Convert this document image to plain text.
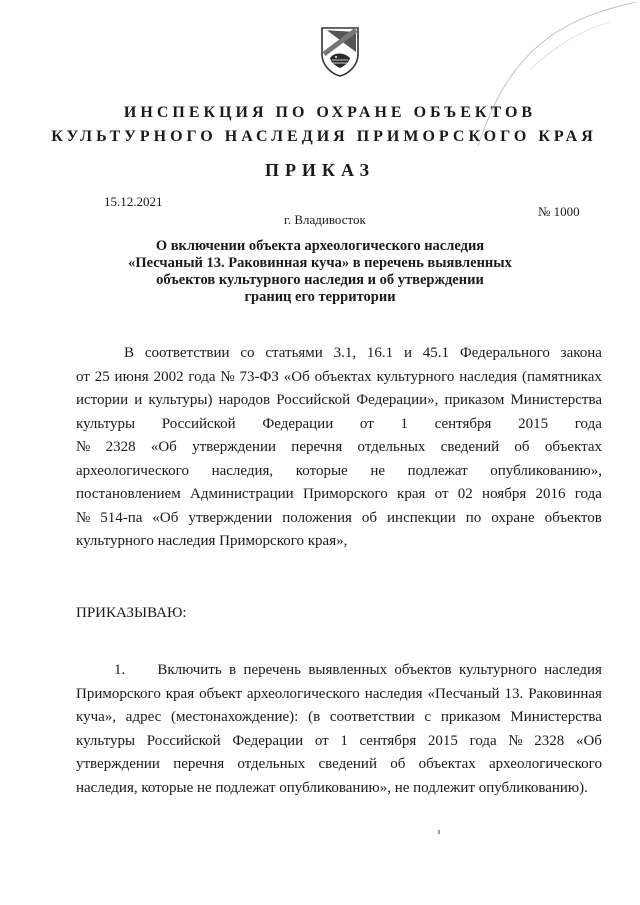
ИНСПЕКЦИЯ ПО ОХРАНЕ ОБЪЕКТОВ
КУЛЬТУРНОГО НАСЛЕДИЯ ПРИМОРСКОГО КРАЯ
ПРИКАЗ
15.12.2021
№ 1000
г. Владивосток
О включении объекта археологического наследия
«Песчаный 13. Раковинная куча» в перечень выявленных
объектов культурного наследия и об утверждении
границ его территории
В соответствии со статьями 3.1, 16.1 и 45.1 Федерального закона
от 25 июня 2002 года № 73-ФЗ «Об объектах культурного наследия (памятниках
истории и культуры) народов Российской Федерации», приказом Министерства
культуры Российской Федерации от 1 сентября 2015 года
№ 2328 «Об утверждении перечня отдельных сведений об объектах
археологического наследия, которые не подлежат опубликованию»,
постановлением Администрации Приморского края от 02 ноября 2016 года
№ 514-па «Об утверждении положения об инспекции по охране объектов
культурного наследия Приморского края»,
ПРИКАЗЫВАЮ:
1.	Включить в перечень выявленных объектов культурного наследия
Приморского края объект археологического наследия «Песчаный 13. Раковинная
куча», адрес (местонахождение): (в соответствии с приказом Министерства
культуры Российской Федерации от 1 сентября 2015 года № 2328 «Об
утверждении перечня отдельных сведений об объектах археологического
наследия, которые не подлежат опубликованию», не подлежит опубликованию).
